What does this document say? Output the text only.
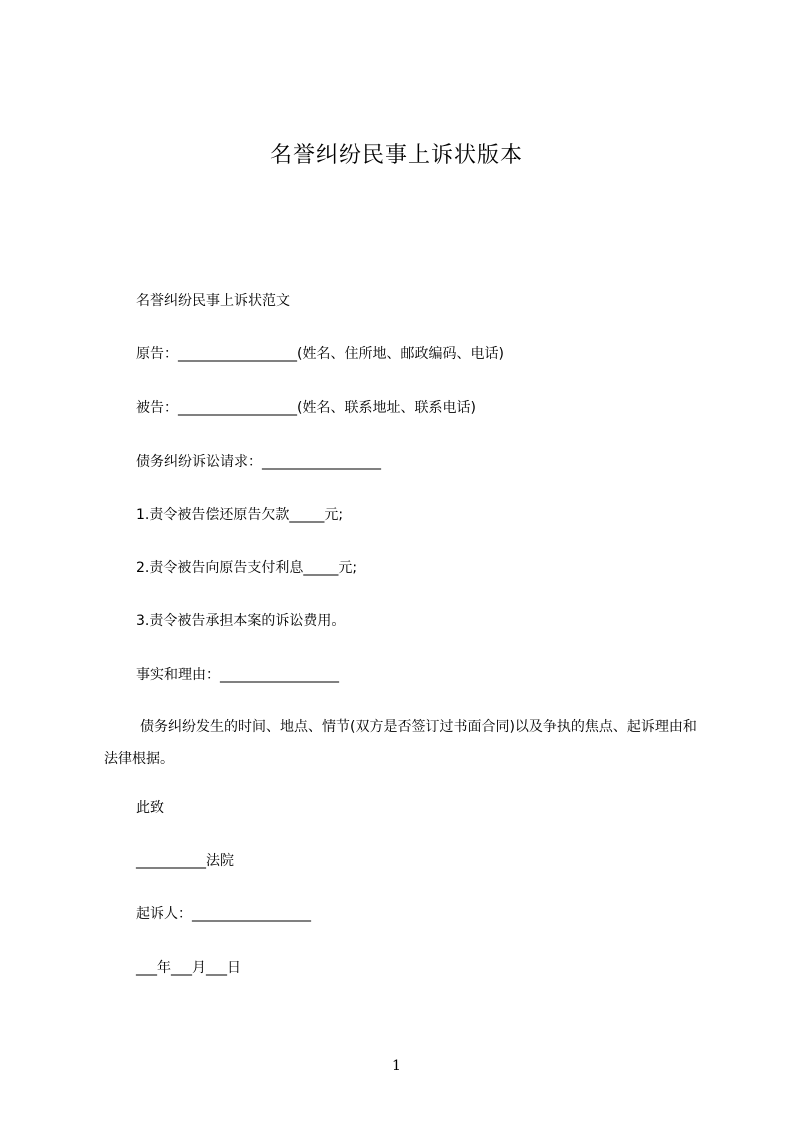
名誉纠纷民事上诉状版本
名誉纠纷民事上诉状范文
原告：_________________(姓名、住所地、邮政编码、电话)
被告：_________________(姓名、联系地址、联系电话)
债务纠纷诉讼请求：_________________
1.责令被告偿还原告欠款_____元;
2.责令被告向原告支付利息_____元;
3.责令被告承担本案的诉讼费用。
事实和理由：_________________
债务纠纷发生的时间、地点、情节(双方是否签订过书面合同)以及争执的焦点、起诉理由和法律根据。
此致
__________法院
起诉人：_________________
___年___月___日
1
